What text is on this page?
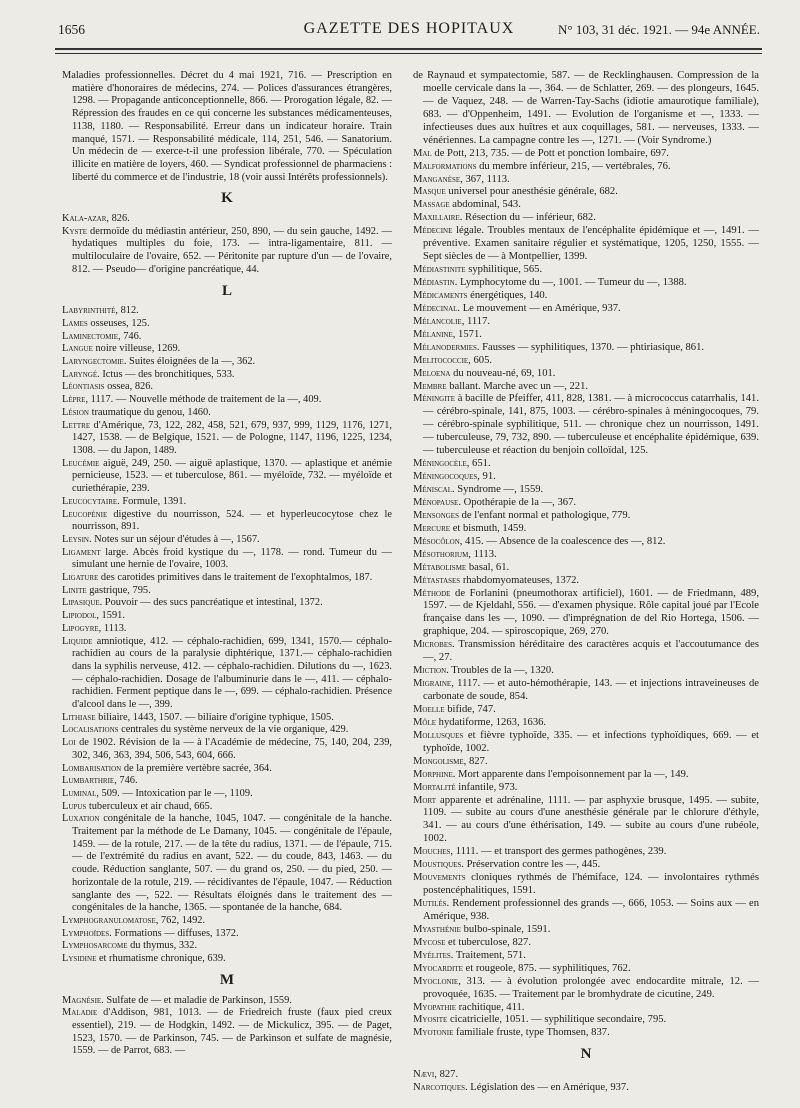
1656	GAZETTE DES HOPITAUX	N° 103, 31 déc. 1921. — 94e ANNÉE.
Maladies professionnelles. Décret du 4 mai 1921, 716. — Prescription en matière d'honoraires de médecins, 274. — Polices d'assurances étrangères, 1298. — Propagande anticonceptionnelle, 866. — Prorogation légale, 82. — Répression des fraudes en ce qui concerne les substances médicamenteuses, 1138, 1180. — Responsabilité. Erreur dans un indicateur horaire. Train manqué, 1571. — Responsabilité médicale, 114, 251, 546. — Sanatorium. Un médecin de — exerce-t-il une profession libérale, 770. — Spéculation illicite en matière de loyers, 460. — Syndicat professionnel de pharmaciens : liberté du commerce et de l'industrie, 18 (voir aussi Intérêts professionnels).
K
Kala-azar, 826.
Kyste dermoïde du médiastin antérieur, 250, 890, — du sein gauche, 1492. — hydatiques multiples du foie, 173. — intra-ligamentaire, 811. — multiloculaire de l'ovaire, 652. — Péritonite par rupture d'un — de l'ovaire, 812. — Pseudo— d'origine pancréatique, 44.
L
Labyrinthité, 812.
Lames osseuses, 125.
Laminectomie, 746.
Langue noire villeuse, 1269.
Laryngectomie. Suites éloignées de la —, 362.
Laryngé. Ictus — des bronchitiques, 533.
Léontiasis ossea, 826.
Lèpre, 1117. — Nouvelle méthode de traitement de la —, 409.
Lésion traumatique du genou, 1460.
Lettre d'Amérique, 73, 122, 282, 458, 521, 679, 937, 999, 1129, 1176, 1271, 1427, 1538. — de Belgique, 1521. — de Pologne, 1147, 1196, 1225, 1234, 1308. — du Japon, 1489.
Leucémie aiguë, 249, 250. — aiguë aplastique, 1370. — aplastique et anémie pernicieuse, 1523. — et tuberculose, 861. — myéloïde, 732. — myéloïde et curiethérapie, 239.
Leucocytaire. Formule, 1391.
Leucopénie digestive du nourrisson, 524. — et hyperleucocytose chez le nourrisson, 891.
Leysin. Notes sur un séjour d'études à —, 1567.
Ligament large. Abcès froid kystique du —, 1178. — rond. Tumeur du — simulant une hernie de l'ovaire, 1003.
Ligature des carotides primitives dans le traitement de l'exophtalmos, 187.
Linite gastrique, 795.
Lipasique. Pouvoir — des sucs pancréatique et intestinal, 1372.
Lipiodol, 1591.
Lipogyre, 1113.
Liquide amniotique, 412. — céphalo-rachidien, 699, 1341, 1570.— céphalo-rachidien au cours de la paralysie diphtérique, 1371.— céphalo-rachidien dans la syphilis nerveuse, 412. — céphalo-rachidien. Dilutions du —, 1623. — céphalo-rachidien. Dosage de l'albuminurie dans le —, 411. — céphalo-rachidien. Ferment peptique dans le —, 699. — céphalo-rachidien. Présence d'alcool dans le —, 399.
Lithiase biliaire, 1443, 1507. — biliaire d'origine typhique, 1505.
Localisations centrales du système nerveux de la vie organique, 429.
Loi de 1902. Révision de la — à l'Académie de médecine, 75, 140, 204, 239, 302, 346, 363, 394, 506, 543, 604, 666.
Lombarisation de la première vertèbre sacrée, 364.
Lumbarthrie, 746.
Luminal, 509. — Intoxication par le —, 1109.
Lupus tuberculeux et air chaud, 665.
Luxation congénitale de la hanche, 1045, 1047. — congénitale de la hanche. Traitement par la méthode de Le Damany, 1045. — congénitale de l'épaule, 1459. — de la rotule, 217. — de la tête du radius, 1371. — de l'épaule, 715. — de l'extrémité du radius en avant, 522. — du coude, 843, 1463. — du coude. Réduction sanglante, 507. — du grand os, 250. — du pied, 250. — horizontale de la rotule, 219. — récidivantes de l'épaule, 1047. — Réduction sanglante des —, 522. — Résultats éloignés dans le traitement des — congénitales de la hanche, 1365. — spontanée de la hanche, 684.
Lymphogranulomatose, 762, 1492.
Lymphoïdes. Formations — diffuses, 1372.
Lymphosarcome du thymus, 332.
Lysidine et rhumatisme chronique, 639.
M
Magnésie. Sulfate de — et maladie de Parkinson, 1559.
Maladie d'Addison, 981, 1013. — de Friedreich fruste (faux pied creux essentiel), 219. — de Hodgkin, 1492. — de Mickulicz, 395. — de Paget, 1523, 1570. — de Parkinson, 745. — de Parkinson et sulfate de magnésie, 1559. — de Parrot, 683. —
de Raynaud et sympatectomie, 587. — de Recklinghausen. Compression de la moelle cervicale dans la —, 364. — de Schlatter, 269. — des plongeurs, 1645. — de Vaquez, 248. — de Warren-Tay-Sachs (idiotie amaurotique familiale), 683. — d'Oppenheim, 1491. — Evolution de l'organisme et —, 1333. — infectieuses dues aux huîtres et aux coquillages, 581. — nerveuses, 1333. — vénériennes. La campagne contre les —, 1271. — (Voir Syndrome.)
Mal de Pott, 213, 735. — de Pott et ponction lombaire, 697.
Malformations du membre inférieur, 215, — vertébrales, 76.
Manganèse, 367, 1113.
Masque universel pour anesthésie générale, 682.
Massage abdominal, 543.
Maxillaire. Résection du — inférieur, 682.
Médecine légale. Troubles mentaux de l'encéphalite épidémique et —, 1491. — préventive. Examen sanitaire régulier et systématique, 1205, 1250, 1555. — Sept siècles de — à Montpellier, 1399.
Médiastinite syphilitique, 565.
Médiastin. Lymphocytome du —, 1001. — Tumeur du —, 1388.
Médicaments énergétiques, 140.
Médecinal. Le mouvement — en Amérique, 937.
Mélancolie, 1117.
Mélanine, 1571.
Mélanodermies. Fausses — syphilitiques, 1370. — phtiriasique, 861.
Melitococcie, 605.
Meloena du nouveau-né, 69, 101.
Membre ballant. Marche avec un —, 221.
Méningite à bacille de Pfeiffer, 411, 828, 1381. — à micrococcus catarrhalis, 141. — cérébro-spinale, 141, 875, 1003. — cérébro-spinales à méningocoques, 79. — cérébro-spinale syphilitique, 511. — chronique chez un nourrisson, 1491. — tuberculeuse, 79, 732, 890. — tuberculeuse et encéphalite épidémique, 639. — tuberculeuse et réaction du benjoin colloïdal, 125.
Méningocèle, 651.
Méningocoques, 91.
Méniscal. Syndrome —, 1559.
Ménopause. Opothérapie de la —, 367.
Mensonges de l'enfant normal et pathologique, 779.
Mercure et bismuth, 1459.
Mésocôlon, 415. — Absence de la coalescence des —, 812.
Mésothorium, 1113.
Métabolisme basal, 61.
Métastases rhabdomyomateuses, 1372.
Méthode de Forlanini (pneumothorax artificiel), 1601. — de Friedmann, 489, 1597. — de Kjeldahl, 556. — d'examen physique. Rôle capital joué par l'Ecole française dans les —, 1090. — d'imprégnation de del Rio Hortega, 1506. — graphique, 204. — spiroscopique, 269, 270.
Microbes. Transmission héréditaire des caractères acquis et l'accoutumance des —, 27.
Miction. Troubles de la —, 1320.
Migraine, 1117. — et auto-hémothérapie, 143. — et injections intraveineuses de carbonate de soude, 854.
Moelle bifide, 747.
Môle hydatiforme, 1263, 1636.
Mollusques et fièvre typhoïde, 335. — et infections typhoïdiques, 669. — et typhoïde, 1002.
Mongolisme, 827.
Morphine. Mort apparente dans l'empoisonnement par la —, 149.
Mortalité infantile, 973.
Mort apparente et adrénaline, 1111. — par asphyxie brusque, 1495. — subite, 1109. — subite au cours d'une anesthésie générale par le chlorure d'éthyle, 341. — au cours d'une éthérisation, 149. — subite au cours d'une rubéole, 1002.
Mouches, 1111. — et transport des germes pathogènes, 239.
Moustiques. Préservation contre les —, 445.
Mouvements cloniques rythmés de l'hémiface, 124. — involontaires rythmés postencéphalitiques, 1591.
Mutilés. Rendement professionnel des grands —, 666, 1053. — Soins aux — en Amérique, 938.
Myasthénie bulbo-spinale, 1591.
Mycose et tuberculose, 827.
Myélites. Traitement, 571.
Myocardite et rougeole, 875. — syphilitiques, 762.
Myoclonie, 313. — à évolution prolongée avec endocardite mitrale, 12. — provoquée, 1635. — Traitement par le bromhydrate de cicutine, 249.
Myopathie rachitique, 411.
Myosite cicatricielle, 1051. — syphilitique secondaire, 795.
Myotonie familiale fruste, type Thomsen, 837.
N
Nævi, 827.
Narcotiques. Législation des — en Amérique, 937.
